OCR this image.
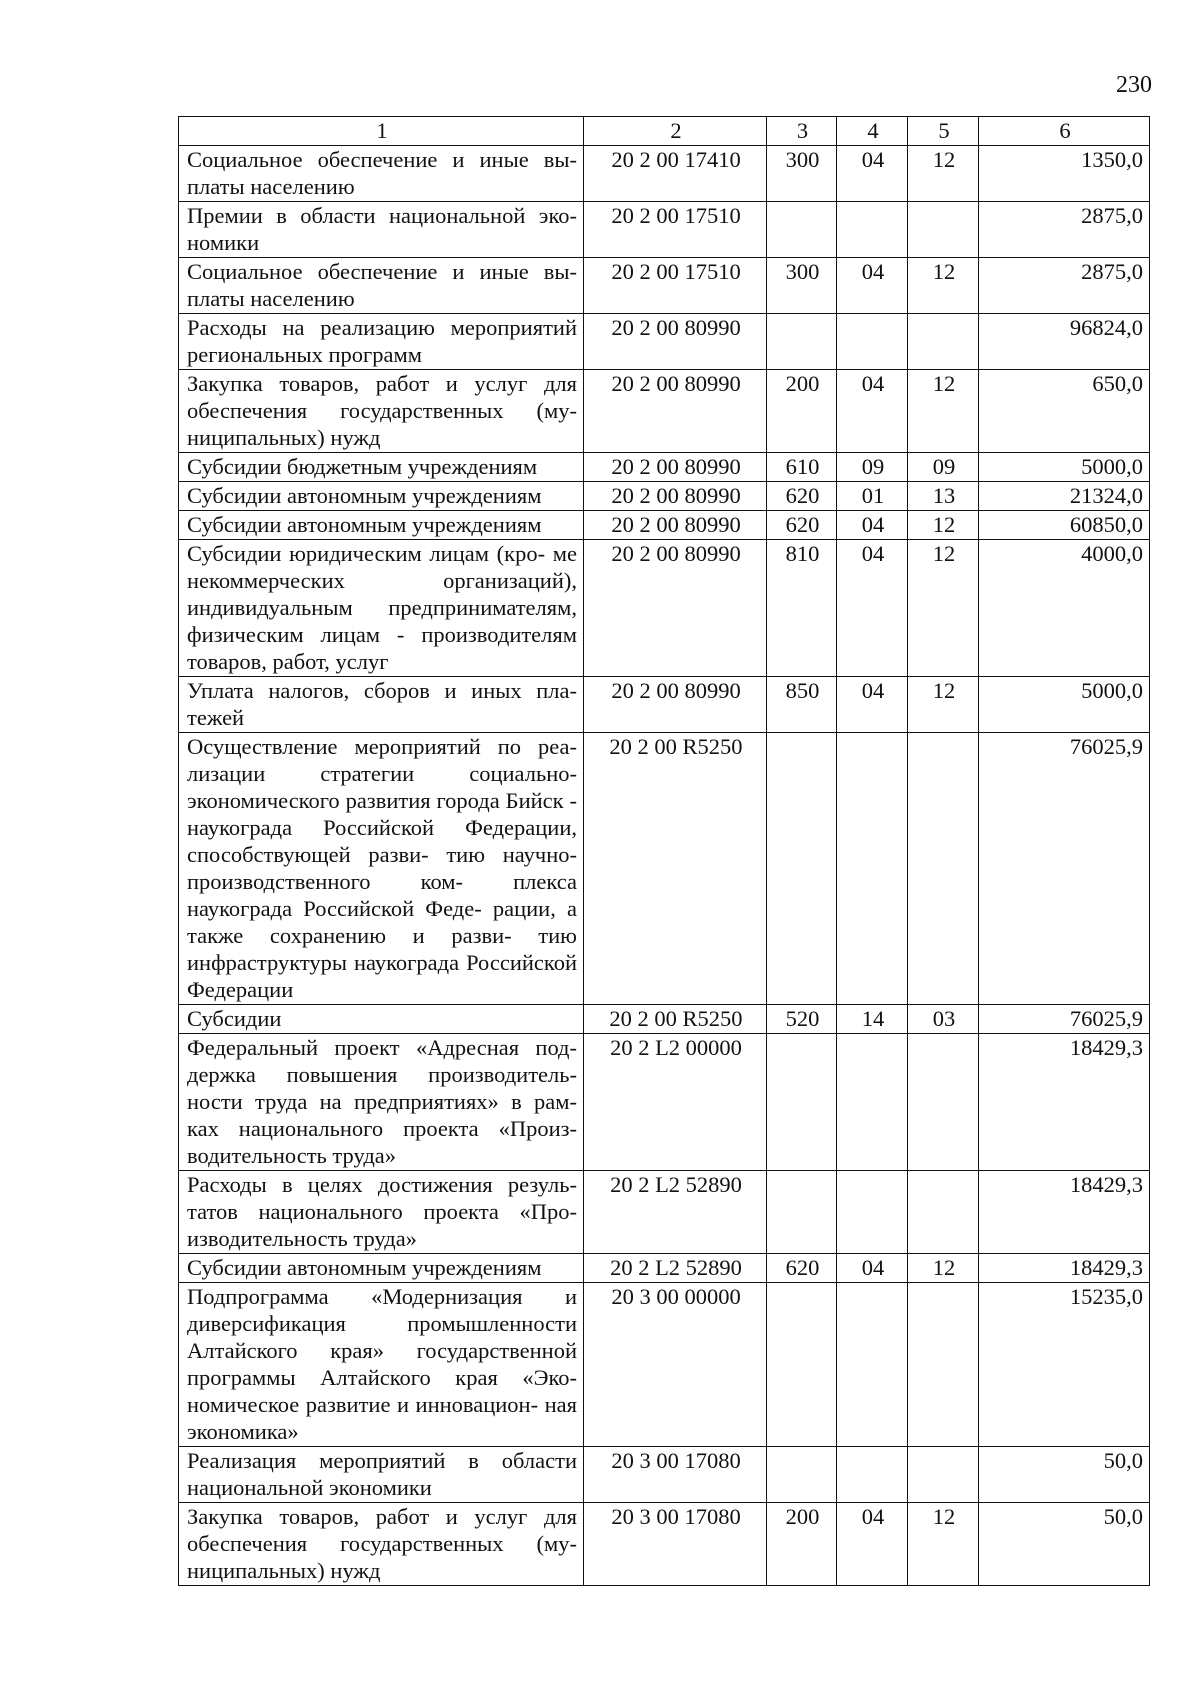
230
1	2	3	4	5	6
Социальное обеспечение и иные вы- платы населению	20 2 00 17410	300	04	12	1350,0
Премии в области национальной эко- номики	20 2 00 17510				2875,0
Социальное обеспечение и иные вы- платы населению	20 2 00 17510	300	04	12	2875,0
Расходы на реализацию мероприятий региональных программ	20 2 00 80990				96824,0
Закупка товаров, работ и услуг для обеспечения государственных (му- ниципальных) нужд	20 2 00 80990	200	04	12	650,0
Субсидии бюджетным учреждениям	20 2 00 80990	610	09	09	5000,0
Субсидии автономным учреждениям	20 2 00 80990	620	01	13	21324,0
Субсидии автономным учреждениям	20 2 00 80990	620	04	12	60850,0
Субсидии юридическим лицам (кро- ме некоммерческих организаций), индивидуальным предпринимателям, физическим лицам - производителям товаров, работ, услуг	20 2 00 80990	810	04	12	4000,0
Уплата налогов, сборов и иных пла- тежей	20 2 00 80990	850	04	12	5000,0
Осуществление мероприятий по реа- лизации стратегии социально- экономического развития города Бийск - наукограда Российской Федерации, способствующей разви- тию научно-производственного ком- плекса наукограда Российской Феде- рации, а также сохранению и разви- тию инфраструктуры наукограда Российской Федерации	20 2 00 R5250				76025,9
Субсидии	20 2 00 R5250	520	14	03	76025,9
Федеральный проект «Адресная под- держка повышения производитель- ности труда на предприятиях» в рам- ках национального проекта «Произ- водительность труда»	20 2 L2 00000				18429,3
Расходы в целях достижения резуль- татов национального проекта «Про- изводительность труда»	20 2 L2 52890				18429,3
Субсидии автономным учреждениям	20 2 L2 52890	620	04	12	18429,3
Подпрограмма «Модернизация и диверсификация промышленности Алтайского края» государственной программы Алтайского края «Эко- номическое развитие и инновацион- ная экономика»	20 3 00 00000				15235,0
Реализация мероприятий в области национальной экономики	20 3 00 17080				50,0
Закупка товаров, работ и услуг для обеспечения государственных (му- ниципальных) нужд	20 3 00 17080	200	04	12	50,0
